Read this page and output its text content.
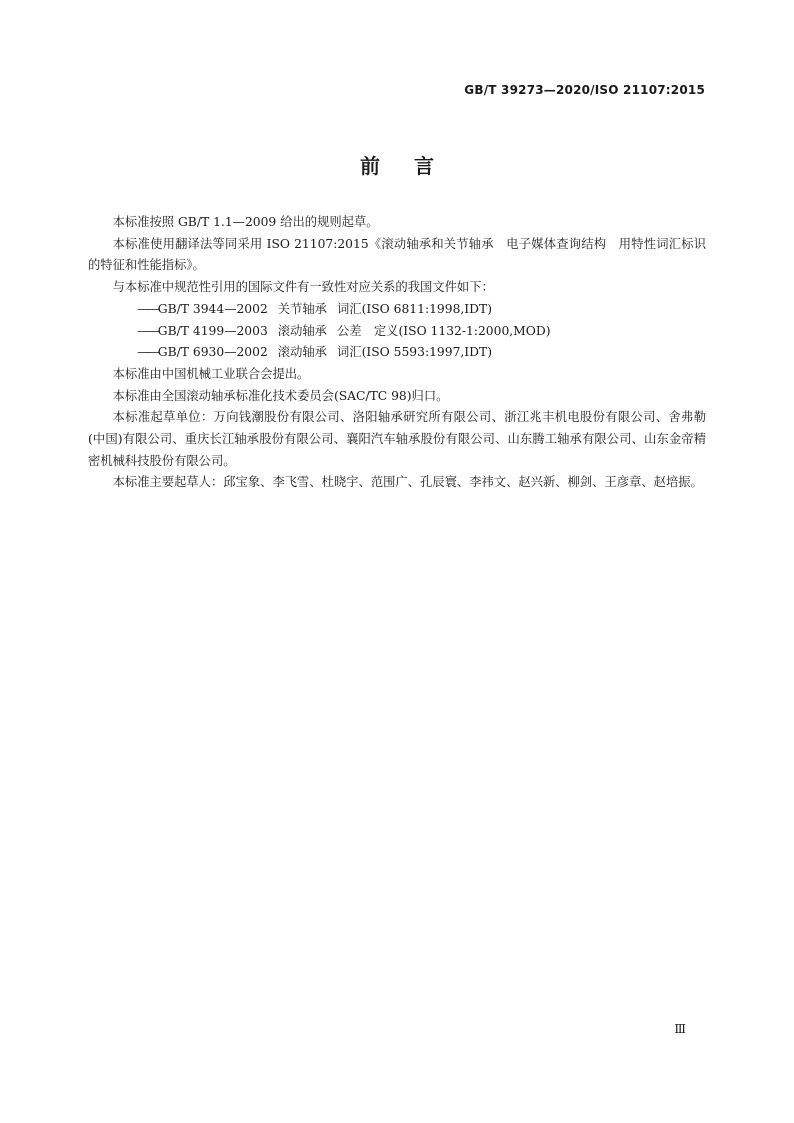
GB/T 39273—2020/ISO 21107:2015
前言

本标准按照 GB/T 1.1—2009 给出的规则起草。

本标准使用翻译法等同采用 ISO 21107:2015《滚动轴承和关节轴承　电子媒体查询结构　用特性词汇标识的特征和性能指标》。

与本标准中规范性引用的国际文件有一致性对应关系的我国文件如下：

——GB/T 3944—2002 关节轴承 词汇(ISO 6811:1998,IDT)

——GB/T 4199—2003 滚动轴承 公差　定义(ISO 1132-1:2000,MOD)

——GB/T 6930—2002 滚动轴承 词汇(ISO 5593:1997,IDT)

本标准由中国机械工业联合会提出。

本标准由全国滚动轴承标准化技术委员会(SAC/TC 98)归口。

本标准起草单位：万向钱潮股份有限公司、洛阳轴承研究所有限公司、浙江兆丰机电股份有限公司、舍弗勒(中国)有限公司、重庆长江轴承股份有限公司、襄阳汽车轴承股份有限公司、山东腾工轴承有限公司、山东金帝精密机械科技股份有限公司。

本标准主要起草人：邱宝象、李飞雪、杜晓宇、范围广、孔辰寰、李祎文、赵兴新、柳剑、王彦章、赵培振。

Ⅲ
